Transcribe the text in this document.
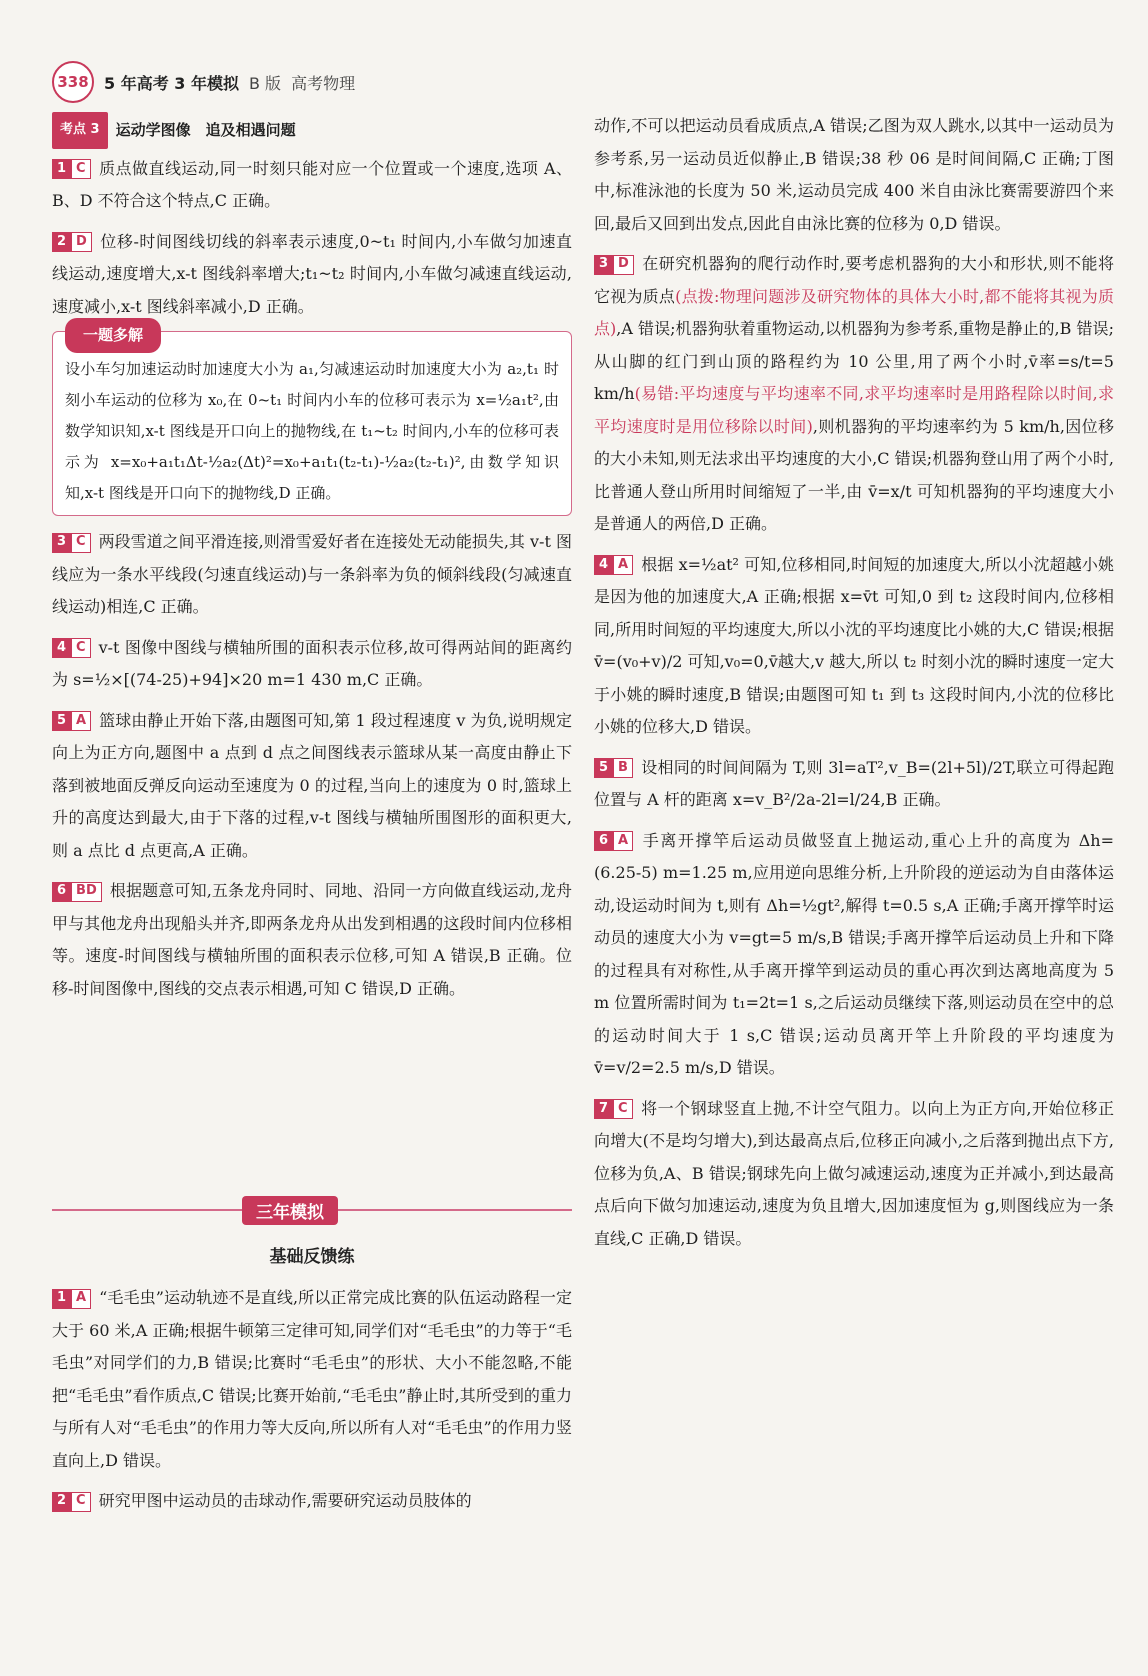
338 5 年高考 3 年模拟 B 版 高考物理
考点 3	运动学图像　追及相遇问题

1 C 质点做直线运动,同一时刻只能对应一个位置或一个速度,选项 A、B、D 不符合这个特点,C 正确。

2 D 位移-时间图线切线的斜率表示速度,0~t₁ 时间内,小车做匀加速直线运动,速度增大,x-t 图线斜率增大;t₁~t₂ 时间内,小车做匀减速直线运动,速度减小,x-t 图线斜率减小,D 正确。

一题多解
设小车匀加速运动时加速度大小为 a₁,匀减速运动时加速度大小为 a₂,t₁ 时刻小车运动的位移为 x₀,在 0~t₁ 时间内小车的位移可表示为 x=½a₁t²,由数学知识知,x-t 图线是开口向上的抛物线,在 t₁~t₂ 时间内,小车的位移可表示为 x=x₀+a₁t₁Δt-½a₂(Δt)²=x₀+a₁t₁(t₂-t₁)-½a₂(t₂-t₁)²,由数学知识知,x-t 图线是开口向下的抛物线,D 正确。

3 C 两段雪道之间平滑连接,则滑雪爱好者在连接处无动能损失,其 v-t 图线应为一条水平线段(匀速直线运动)与一条斜率为负的倾斜线段(匀减速直线运动)相连,C 正确。

4 C v-t 图像中图线与横轴所围的面积表示位移,故可得两站间的距离约为 s=½×[(74-25)+94]×20 m=1 430 m,C 正确。

5 A 篮球由静止开始下落,由题图可知,第 1 段过程速度 v 为负,说明规定向上为正方向,题图中 a 点到 d 点之间图线表示篮球从某一高度由静止下落到被地面反弹反向运动至速度为 0 的过程,当向上的速度为 0 时,篮球上升的高度达到最大,由于下落的过程,v-t 图线与横轴所围图形的面积更大,则 a 点比 d 点更高,A 正确。

6 BD 根据题意可知,五条龙舟同时、同地、沿同一方向做直线运动,龙舟甲与其他龙舟出现船头并齐,即两条龙舟从出发到相遇的这段时间内位移相等。速度-时间图线与横轴所围的面积表示位移,可知 A 错误,B 正确。位移-时间图像中,图线的交点表示相遇,可知 C 错误,D 正确。

三年模拟
基础反馈练

1 A “毛毛虫”运动轨迹不是直线,所以正常完成比赛的队伍运动路程一定大于 60 米,A 正确;根据牛顿第三定律可知,同学们对“毛毛虫”的力等于“毛毛虫”对同学们的力,B 错误;比赛时“毛毛虫”的形状、大小不能忽略,不能把“毛毛虫”看作质点,C 错误;比赛开始前,“毛毛虫”静止时,其所受到的重力与所有人对“毛毛虫”的作用力等大反向,所以所有人对“毛毛虫”的作用力竖直向上,D 错误。

2 C 研究甲图中运动员的击球动作,需要研究运动员肢体的

动作,不可以把运动员看成质点,A 错误;乙图为双人跳水,以其中一运动员为参考系,另一运动员近似静止,B 错误;38 秒 06 是时间间隔,C 正确;丁图中,标准泳池的长度为 50 米,运动员完成 400 米自由泳比赛需要游四个来回,最后又回到出发点,因此自由泳比赛的位移为 0,D 错误。

3 D 在研究机器狗的爬行动作时,要考虑机器狗的大小和形状,则不能将它视为质点(点拨:物理问题涉及研究物体的具体大小时,都不能将其视为质点),A 错误;机器狗驮着重物运动,以机器狗为参考系,重物是静止的,B 错误;从山脚的红门到山顶的路程约为 10 公里,用了两个小时,v̄率=s/t=5 km/h(易错:平均速度与平均速率不同,求平均速率时是用路程除以时间,求平均速度时是用位移除以时间),则机器狗的平均速率约为 5 km/h,因位移的大小未知,则无法求出平均速度的大小,C 错误;机器狗登山用了两个小时,比普通人登山所用时间缩短了一半,由 v̄=x/t 可知机器狗的平均速度大小是普通人的两倍,D 正确。

4 A 根据 x=½at² 可知,位移相同,时间短的加速度大,所以小沈超越小姚是因为他的加速度大,A 正确;根据 x=v̄t 可知,0 到 t₂ 这段时间内,位移相同,所用时间短的平均速度大,所以小沈的平均速度比小姚的大,C 错误;根据 v̄=(v₀+v)/2 可知,v₀=0,v̄越大,v 越大,所以 t₂ 时刻小沈的瞬时速度一定大于小姚的瞬时速度,B 错误;由题图可知 t₁ 到 t₃ 这段时间内,小沈的位移比小姚的位移大,D 错误。

5 B 设相同的时间间隔为 T,则 3l=aT²,v_B=(2l+5l)/2T,联立可得起跑位置与 A 杆的距离 x=v_B²/2a-2l=l/24,B 正确。

6 A 手离开撑竿后运动员做竖直上抛运动,重心上升的高度为 Δh=(6.25-5) m=1.25 m,应用逆向思维分析,上升阶段的逆运动为自由落体运动,设运动时间为 t,则有 Δh=½gt²,解得 t=0.5 s,A 正确;手离开撑竿时运动员的速度大小为 v=gt=5 m/s,B 错误;手离开撑竿后运动员上升和下降的过程具有对称性,从手离开撑竿到运动员的重心再次到达离地高度为 5 m 位置所需时间为 t₁=2t=1 s,之后运动员继续下落,则运动员在空中的总的运动时间大于 1 s,C 错误;运动员离开竿上升阶段的平均速度为 v̄=v/2=2.5 m/s,D 错误。

7 C 将一个钢球竖直上抛,不计空气阻力。以向上为正方向,开始位移正向增大(不是均匀增大),到达最高点后,位移正向减小,之后落到抛出点下方,位移为负,A、B 错误;钢球先向上做匀减速运动,速度为正并减小,到达最高点后向下做匀加速运动,速度为负且增大,因加速度恒为 g,则图线应为一条直线,C 正确,D 错误。
